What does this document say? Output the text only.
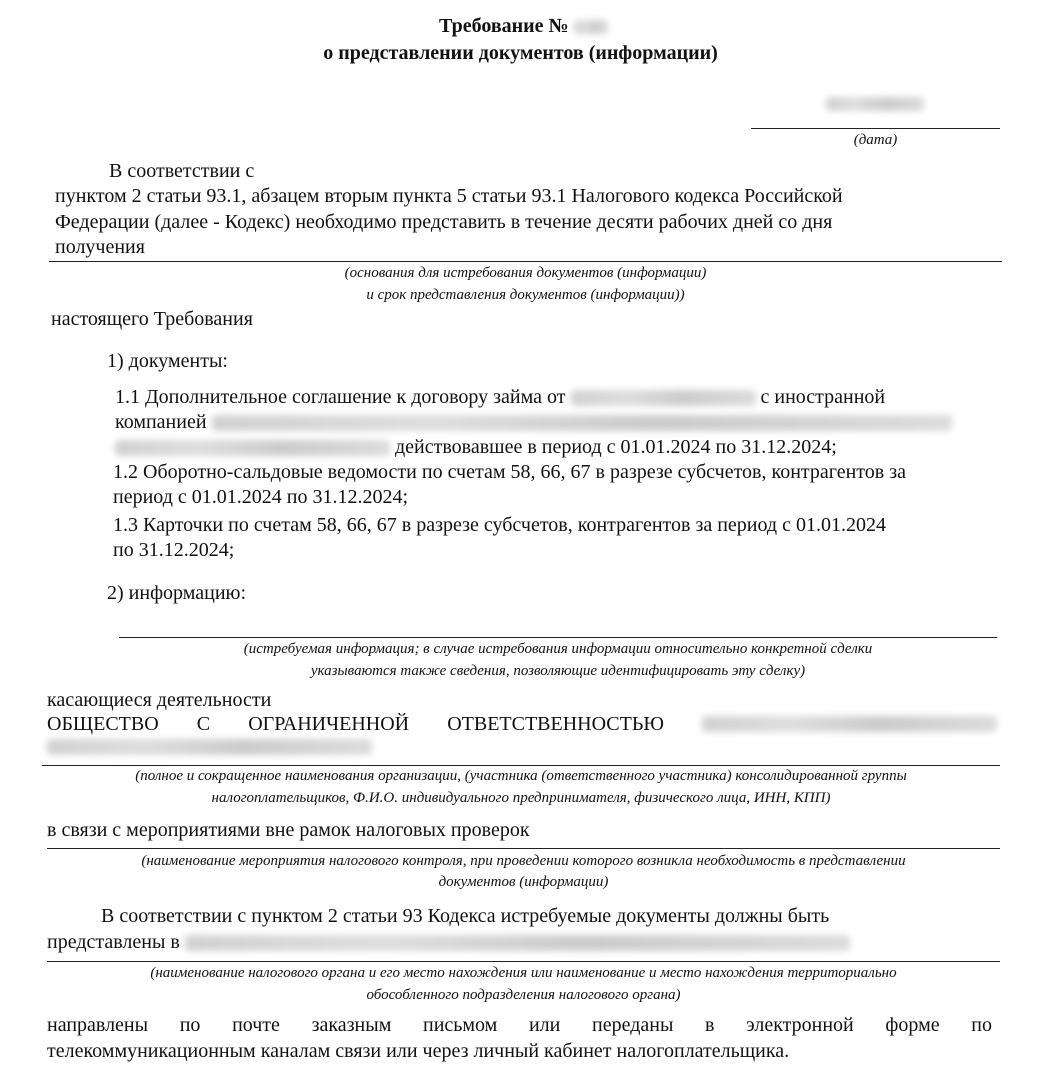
Требование №
о представлении документов (информации)
(дата)
В соответствии с
пунктом 2 статьи 93.1, абзацем вторым пункта 5 статьи 93.1 Налогового кодекса Российской
Федерации (далее - Кодекс) необходимо представить в течение десяти рабочих дней со дня
получения
(основания для истребования документов (информации)
и срок представления документов (информации))
настоящего Требования
1) документы:
1.1 Дополнительное соглашение к договору займа от	с иностранной
компанией
действовавшее в период с 01.01.2024 по 31.12.2024;
1.2 Оборотно-сальдовые ведомости по счетам 58, 66, 67 в разрезе субсчетов, контрагентов за
период с 01.01.2024 по 31.12.2024;
1.3 Карточки по счетам 58, 66, 67 в разрезе субсчетов, контрагентов за период с 01.01.2024
по 31.12.2024;
2) информацию:
(истребуемая информация; в случае истребования информации относительно конкретной сделки
указываются также сведения, позволяющие идентифицировать эту сделку)
касающиеся деятельности
ОБЩЕСТВО С ОГРАНИЧЕННОЙ ОТВЕТСТВЕННОСТЬЮ
(полное и сокращенное наименования организации, (участника (ответственного участника) консолидированной группы
налогоплательщиков, Ф.И.О. индивидуального предпринимателя, физического лица, ИНН, КПП)
в связи с мероприятиями вне рамок налоговых проверок
(наименование мероприятия налогового контроля, при проведении которого возникла необходимость в представлении
документов (информации)
В соответствии с пунктом 2 статьи 93 Кодекса истребуемые документы должны быть
представлены в
(наименование налогового органа и его место нахождения или наименование и место нахождения территориально
обособленного подразделения налогового органа)
направлены по почте заказным письмом или переданы в электронной форме по
телекоммуникационным каналам связи или через личный кабинет налогоплательщика.
